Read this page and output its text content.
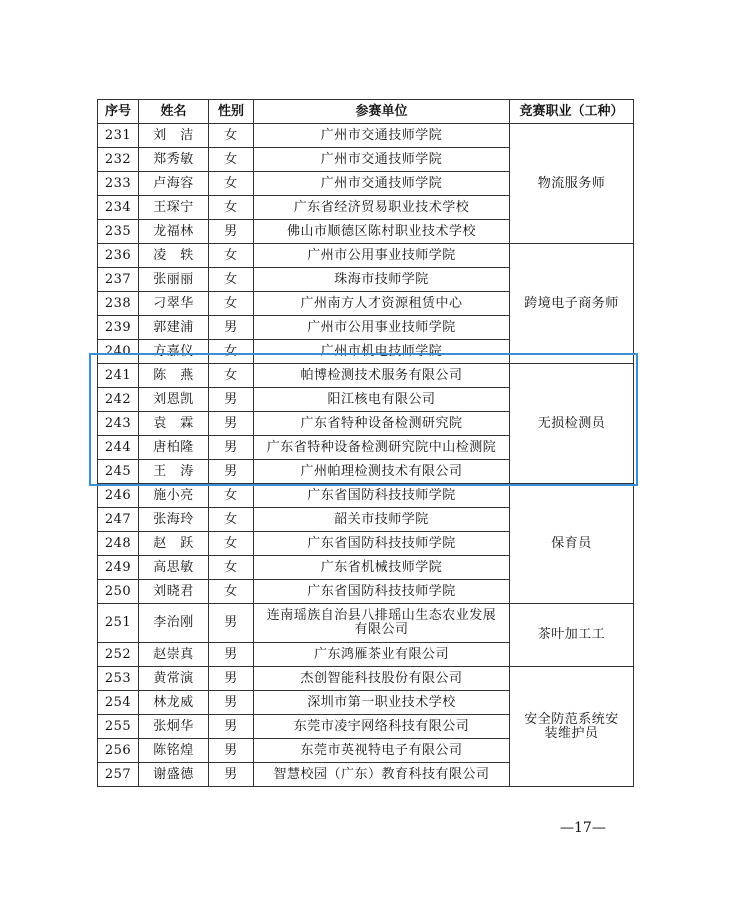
序号	姓名	性别	参赛单位	竞赛职业（工种）
231	刘　洁	女	广州市交通技师学院	物流服务师
232	郑秀敏	女	广州市交通技师学院	
233	卢海容	女	广州市交通技师学院	
234	王琛宁	女	广东省经济贸易职业技术学校	
235	龙福林	男	佛山市顺德区陈村职业技术学校	
236	凌　轶	女	广州市公用事业技师学院	跨境电子商务师
237	张丽丽	女	珠海市技师学院	
238	刁翠华	女	广州南方人才资源租赁中心	
239	郭建浦	男	广州市公用事业技师学院	
240	方嘉仪	女	广州市机电技师学院	
241	陈　燕	女	帕博检测技术服务有限公司	无损检测员
242	刘恩凯	男	阳江核电有限公司	
243	袁　霖	男	广东省特种设备检测研究院	
244	唐柏隆	男	广东省特种设备检测研究院中山检测院	
245	王　涛	男	广州帕理检测技术有限公司	
246	施小亮	女	广东省国防科技技师学院	保育员
247	张海玲	女	韶关市技师学院	
248	赵　跃	女	广东省国防科技技师学院	
249	高思敏	女	广东省机械技师学院	
250	刘晓君	女	广东省国防科技技师学院	
251	李治刚	男	连南瑶族自治县八排瑶山生态农业发展有限公司	茶叶加工工
252	赵崇真	男	广东鸿雁茶业有限公司	
253	黄常演	男	杰创智能科技股份有限公司	安全防范系统安装维护员
254	林龙威	男	深圳市第一职业技术学校	
255	张炯华	男	东莞市凌宇网络科技有限公司	
256	陈铭煌	男	东莞市英视特电子有限公司	
257	谢盛德	男	智慧校园（广东）教育科技有限公司	
—17—
